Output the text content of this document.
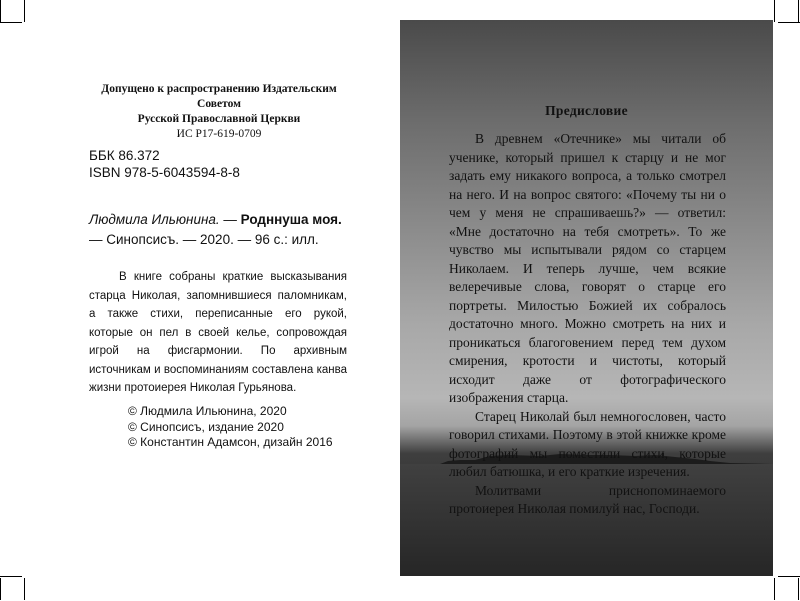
Допущено к распространению Издательским Советом
Русской Православной Церкви
ИС Р17-619-0709
ББК 86.372
ISBN 978-5-6043594-8-8
Людмила Ильюнина. — Родннуша моя. — Синопсисъ. — 2020. — 96 с.: илл.
В книге собраны краткие высказывания старца Николая, запомнившиеся паломникам, а также стихи, переписанные его рукой, которые он пел в своей келье, сопровождая игрой на фисгармонии. По архивным источникам и воспоминаниям составлена канва жизни протоиерея Николая Гурьянова.
© Людмила Ильюнина, 2020
© Синопсисъ, издание 2020
© Константин Адамсон, дизайн 2016
Предисловие

В древнем «Отечнике» мы читали об ученике, который пришел к старцу и не мог задать ему никакого вопроса, а только смотрел на него. И на вопрос святого: «Почему ты ни о чем у меня не спрашиваешь?» — ответил: «Мне достаточно на тебя смотреть». То же чувство мы испытывали рядом со старцем Николаем. И теперь лучше, чем всякие велеречивые слова, говорят о старце его портреты. Милостью Божией их собралось достаточно много. Можно смотреть на них и проникаться благоговением перед тем духом смирения, кротости и чистоты, который исходит даже от фотографического изображения старца.

Старец Николай был немногословен, часто говорил стихами. Поэтому в этой книжке кроме фотографий мы поместили стихи, которые любил батюшка, и его краткие изречения.

Молитвами приснопоминаемого протоиерея Николая помилуй нас, Господи.
